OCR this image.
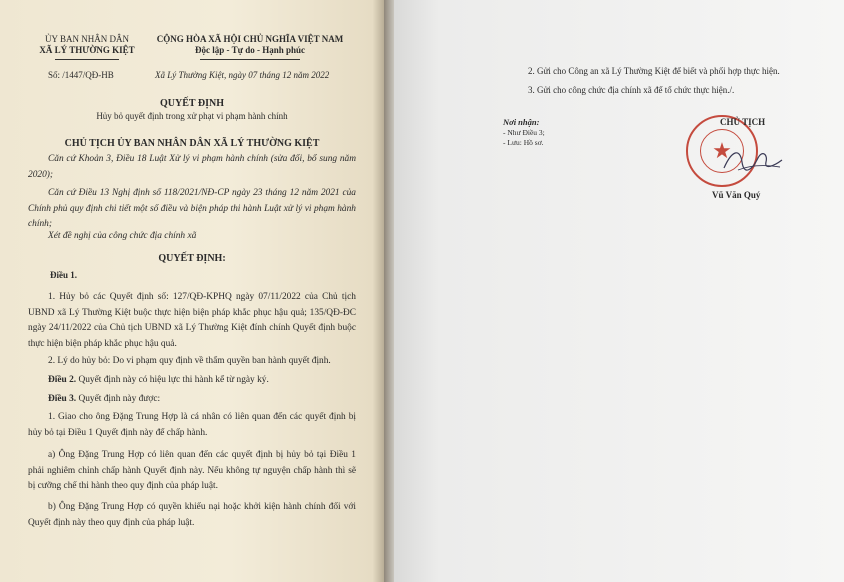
ỦY BAN NHÂN DÂN
XÃ LÝ THƯỜNG KIỆT
CỘNG HÒA XÃ HỘI CHỦ NGHĨA VIỆT NAM
Độc lập - Tự do - Hạnh phúc
Số: /1447/QĐ-HB	Xã Lý Thường Kiệt, ngày 07 tháng 12 năm 2022
QUYẾT ĐỊNH
Hủy bỏ quyết định trong xử phạt vi phạm hành chính
CHỦ TỊCH ỦY BAN NHÂN DÂN XÃ LÝ THƯỜNG KIỆT
Căn cứ Khoản 3, Điều 18 Luật Xử lý vi phạm hành chính (sửa đổi, bổ sung năm 2020);
Căn cứ Điều 13 Nghị định số 118/2021/NĐ-CP ngày 23 tháng 12 năm 2021 của Chính phủ quy định chi tiết một số điều và biện pháp thi hành Luật xử lý vi phạm hành chính;
Xét đề nghị của công chức địa chính xã
QUYẾT ĐỊNH:
Điều 1.
1. Hủy bỏ các Quyết định số: 127/QĐ-KPHQ ngày 07/11/2022 của Chủ tịch UBND xã Lý Thường Kiệt buộc thực hiện biện pháp khắc phục hậu quả; 135/QĐ-ĐC ngày 24/11/2022 của Chủ tịch UBND xã Lý Thường Kiệt đính chính Quyết định buộc thực hiện biện pháp khắc phục hậu quả.
2. Lý do hủy bỏ: Do vi phạm quy định về thẩm quyền ban hành quyết định.
Điều 2. Quyết định này có hiệu lực thi hành kể từ ngày ký.
Điều 3. Quyết định này được:
1. Giao cho ông Đặng Trung Hợp là cá nhân có liên quan đến các quyết định bị hủy bỏ tại Điều 1 Quyết định này để chấp hành.
a) Ông Đặng Trung Hợp có liên quan đến các quyết định bị hủy bỏ tại Điều 1 phải nghiêm chỉnh chấp hành Quyết định này. Nếu không tự nguyện chấp hành thì sẽ bị cưỡng chế thi hành theo quy định của pháp luật.
b) Ông Đặng Trung Hợp có quyền khiếu nại hoặc khởi kiện hành chính đối với Quyết định này theo quy định của pháp luật.
2. Gửi cho Công an xã Lý Thường Kiệt để biết và phối hợp thực hiện.
3. Gửi cho công chức địa chính xã để tổ chức thực hiện./.
Nơi nhận:
- Như Điều 3;
- Lưu: Hồ sơ.	★
CHỦ TỊCH
Vũ Văn Quý
